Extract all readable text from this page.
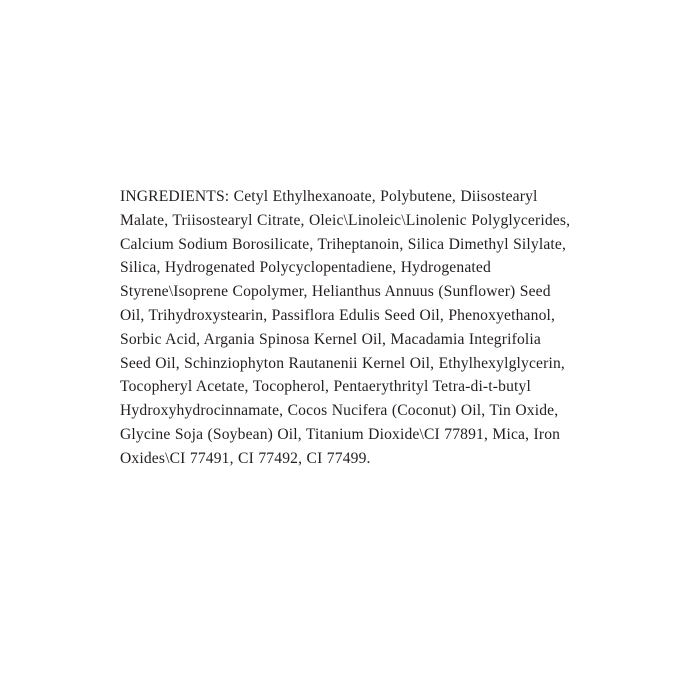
INGREDIENTS: Cetyl Ethylhexanoate, Polybutene, Diisostearyl Malate, Triisostearyl Citrate, Oleic\Linoleic\Linolenic Polyglycerides, Calcium Sodium Borosilicate, Triheptanoin, Silica Dimethyl Silylate, Silica, Hydrogenated Polycyclopentadiene, Hydrogenated Styrene\Isoprene Copolymer, Helianthus Annuus (Sunflower) Seed Oil, Trihydroxystearin, Passiflora Edulis Seed Oil, Phenoxyethanol, Sorbic Acid, Argania Spinosa Kernel Oil, Macadamia Integrifolia Seed Oil, Schinziophyton Rautanenii Kernel Oil, Ethylhexylglycerin, Tocopheryl Acetate, Tocopherol, Pentaerythrityl Tetra-di-t-butyl Hydroxyhydrocinnamate, Cocos Nucifera (Coconut) Oil, Tin Oxide, Glycine Soja (Soybean) Oil, Titanium Dioxide\CI 77891, Mica, Iron Oxides\CI 77491, CI 77492, CI 77499.
